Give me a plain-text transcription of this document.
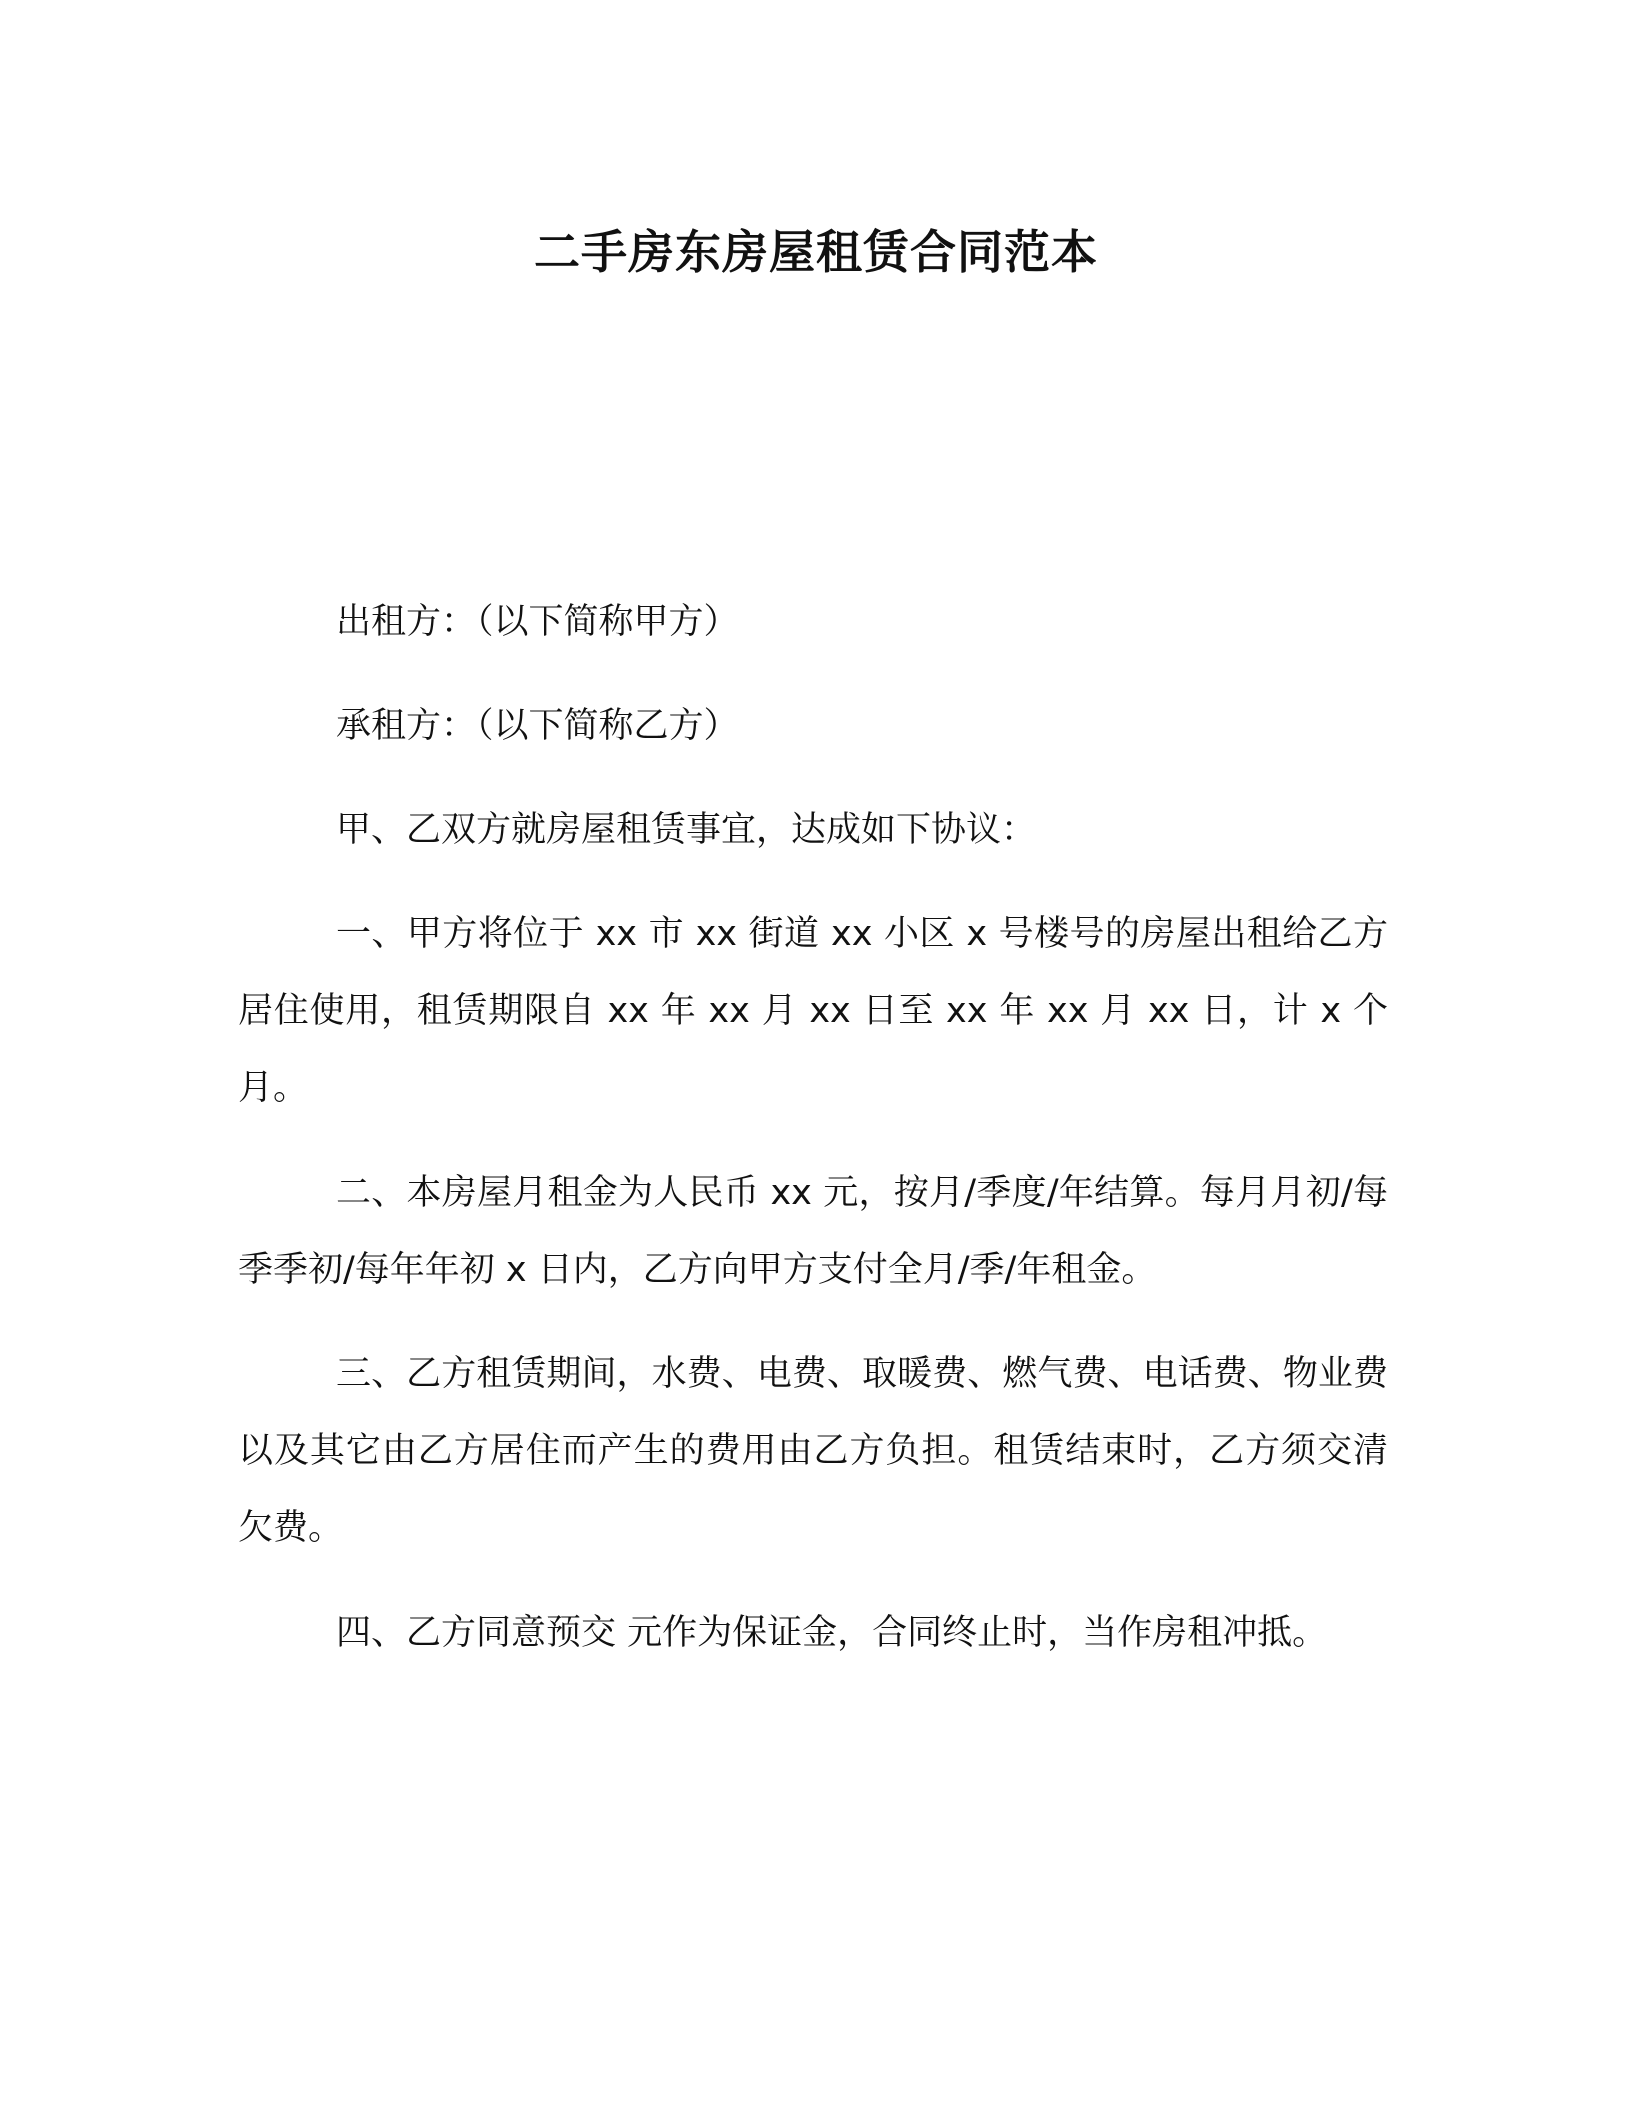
二手房东房屋租赁合同范本

出租方：（以下简称甲方）

承租方：（以下简称乙方）

甲、乙双方就房屋租赁事宜，达成如下协议：

一、甲方将位于 xx 市 xx 街道 xx 小区 x 号楼号的房屋出租给乙方居住使用，租赁期限自 xx 年 xx 月 xx 日至 xx 年 xx 月 xx 日，计 x 个月。

二、本房屋月租金为人民币 xx 元，按月/季度/年结算。每月月初/每季季初/每年年初 x 日内，乙方向甲方支付全月/季/年租金。

三、乙方租赁期间，水费、电费、取暖费、燃气费、电话费、物业费以及其它由乙方居住而产生的费用由乙方负担。租赁结束时，乙方须交清欠费。

四、乙方同意预交 元作为保证金，合同终止时，当作房租冲抵。
